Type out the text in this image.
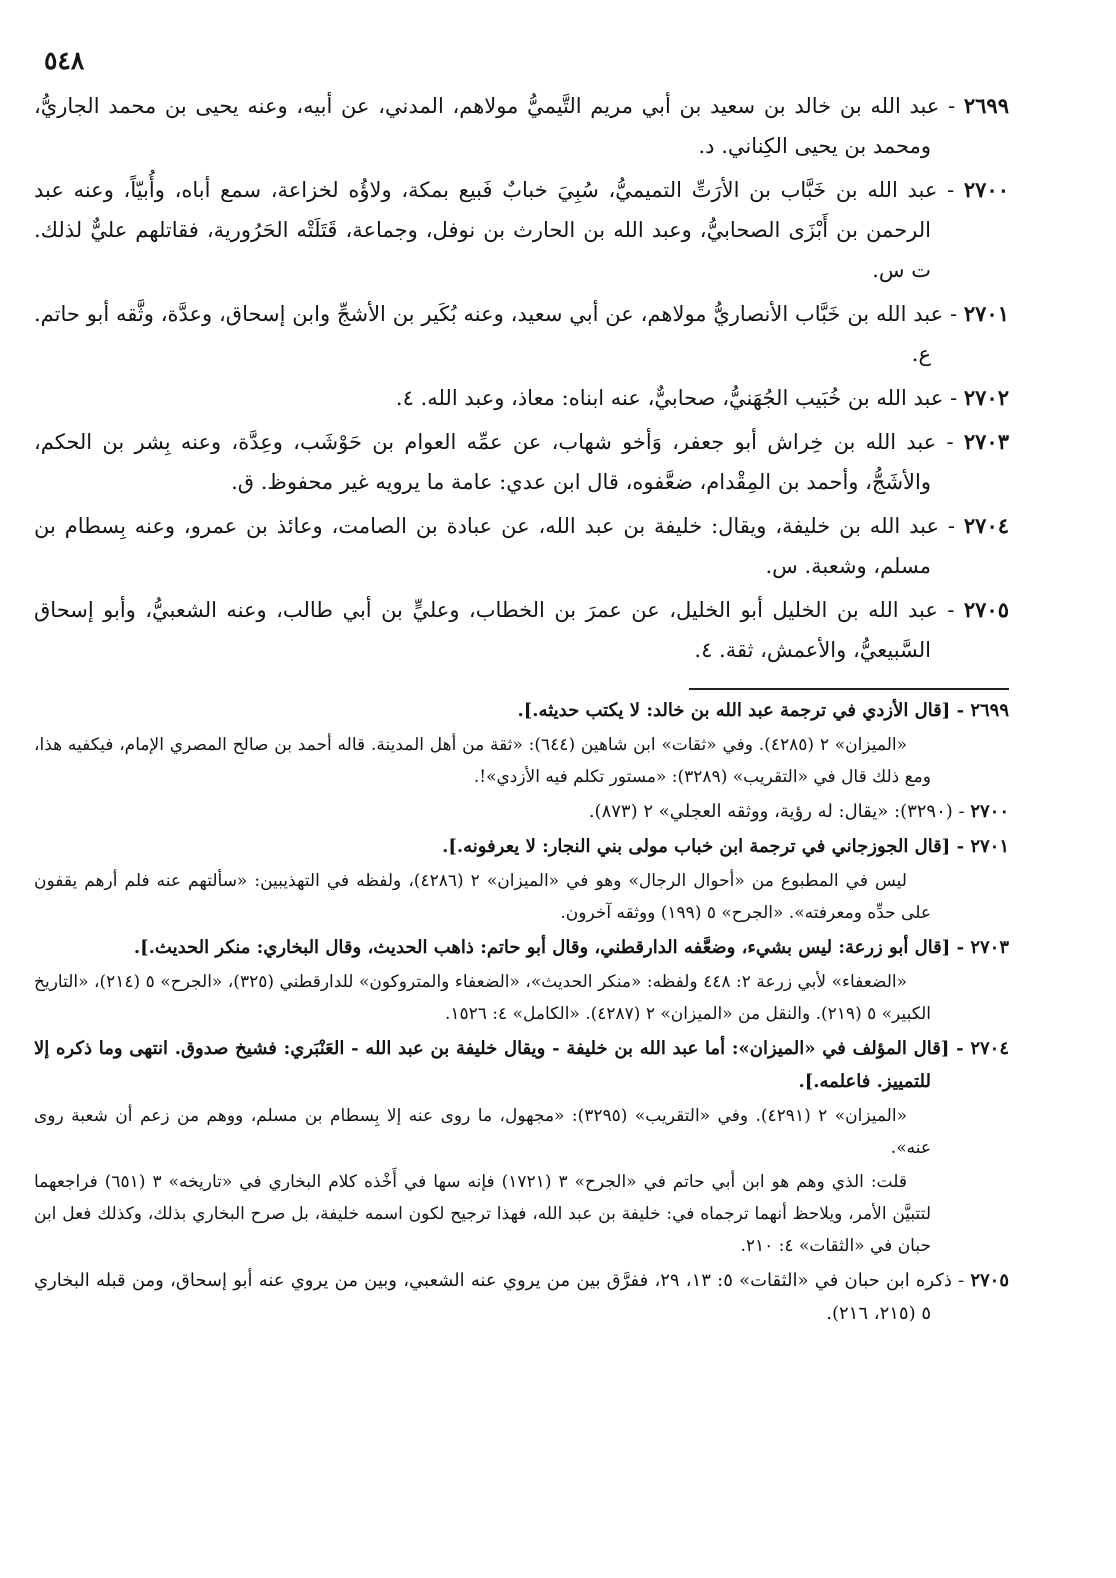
٥٤٨
٢٦٩٩ - عبد الله بن خالد بن سعيد بن أبي مريم التَّيميُّ مولاهم، المدني، عن أبيه، وعنه يحيى بن محمد الجاريُّ، ومحمد بن يحيى الكِناني. د.
٢٧٠٠ - عبد الله بن خَبَّاب بن الأرَتِّ التميميُّ، سُبِيَ خبابٌ فَبيع بمكة، ولاؤُه لخزاعة، سمع أباه، وأُبيّاً، وعنه عبد الرحمن بن أَبْزَى الصحابيُّ، وعبد الله بن الحارث بن نوفل، وجماعة، قَتَلَتْه الحَرُورية، فقاتلهم عليٌّ لذلك. ت س.
٢٧٠١ - عبد الله بن خَبَّاب الأنصاريُّ مولاهم، عن أبي سعيد، وعنه بُكَير بن الأشجِّ وابن إسحاق، وعدَّة، وثَّقه أبو حاتم. ع.
٢٧٠٢ - عبد الله بن خُبَيب الجُهَنيُّ، صحابيٌّ، عنه ابناه: معاذ، وعبد الله. ٤.
٢٧٠٣ - عبد الله بن خِراش أبو جعفر، وَأخو شهاب، عن عمِّه العوام بن حَوْشَب، وعِدَّة، وعنه بِشر بن الحكم، والأشَجُّ، وأحمد بن المِقْدام، ضعَّفوه، قال ابن عدي: عامة ما يرويه غير محفوظ. ق.
٢٧٠٤ - عبد الله بن خليفة، ويقال: خليفة بن عبد الله، عن عبادة بن الصامت، وعائذ بن عمرو، وعنه بِسطام بن مسلم، وشعبة. س.
٢٧٠٥ - عبد الله بن الخليل أبو الخليل، عن عمرَ بن الخطاب، وعليٍّ بن أبي طالب، وعنه الشعبيُّ، وأبو إسحاق السَّبيعيُّ، والأعمش، ثقة. ٤.
٢٦٩٩ - [قال الأزدي في ترجمة عبد الله بن خالد: لا يكتب حديثه.].
«الميزان» ٢ (٤٢٨٥). وفي «ثقات» ابن شاهين (٦٤٤): «ثقة من أهل المدينة. قاله أحمد بن صالح المصري الإمام، فيكفيه هذا، ومع ذلك قال في «التقريب» (٣٢٨٩): «مستور تكلم فيه الأزدي»!.
٢٧٠٠ - (٣٢٩٠): «يقال: له رؤية، ووثقه العجلي» ٢ (٨٧٣).
٢٧٠١ - [قال الجوزجاني في ترجمة ابن خباب مولى بني النجار: لا يعرفونه.].
ليس في المطبوع من «أحوال الرجال» وهو في «الميزان» ٢ (٤٢٨٦)، ولفظه في التهذيبين: «سألتهم عنه فلم أرهم يقفون على حدِّه ومعرفته». «الجرح» ٥ (١٩٩) ووثقه آخرون.
٢٧٠٣ - [قال أبو زرعة: ليس بشيء، وضعَّفه الدارقطني، وقال أبو حاتم: ذاهب الحديث، وقال البخاري: منكر الحديث.].
«الضعفاء» لأبي زرعة ٢: ٤٤٨ ولفظه: «منكر الحديث»، «الضعفاء والمتروكون» للدارقطني (٣٢٥)، «الجرح» ٥ (٢١٤)، «التاريخ الكبير» ٥ (٢١٩). والنقل من «الميزان» ٢ (٤٢٨٧). «الكامل» ٤: ١٥٢٦.
٢٧٠٤ - [قال المؤلف في «الميزان»: أما عبد الله بن خليفة - ويقال خليفة بن عبد الله - العَنْبَري: فشيخ صدوق. انتهى وما ذكره إلا للتمييز. فاعلمه.].
«الميزان» ٢ (٤٢٩١). وفي «التقريب» (٣٢٩٥): «مجهول، ما روى عنه إلا بِسطام بن مسلم، ووهم من زعم أن شعبة روى عنه».
قلت: الذي وهم هو ابن أبي حاتم في «الجرح» ٣ (١٧٢١) فإنه سها في أَخْذه كلام البخاري في «تاريخه» ٣ (٦٥١) فراجعهما لتتبيَّن الأمر، ويلاحظ أنهما ترجماه في: خليفة بن عبد الله، فهذا ترجيح لكون اسمه خليفة، بل صرح البخاري بذلك، وكذلك فعل ابن حبان في «الثقات» ٤: ٢١٠.
٢٧٠٥ - ذكره ابن حبان في «الثقات» ٥: ١٣، ٢٩، ففرَّق بين من يروي عنه الشعبي، وبين من يروي عنه أبو إسحاق، ومن قبله البخاري ٥ (٢١٥، ٢١٦).
